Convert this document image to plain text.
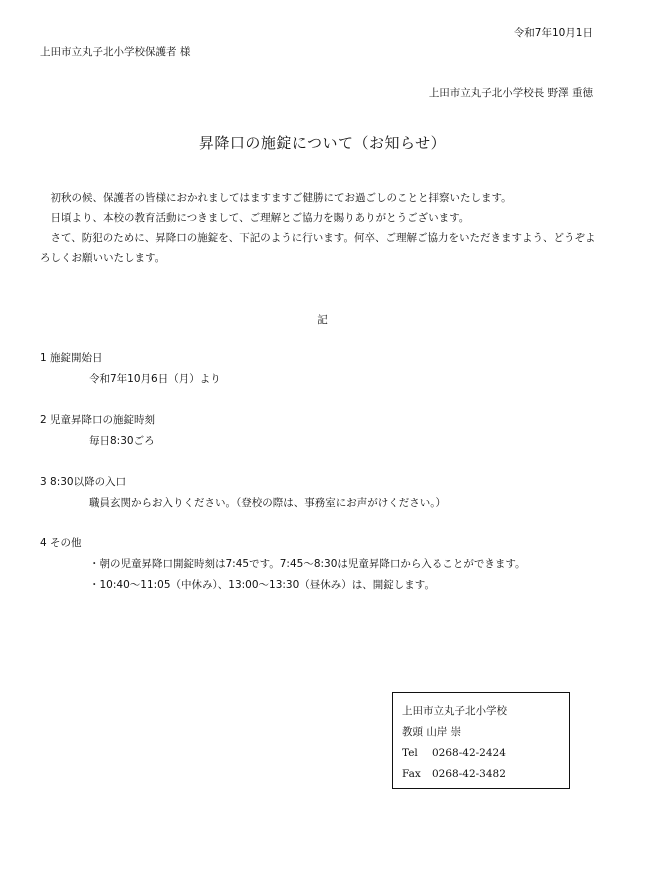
令和7年10月1日
上田市立丸子北小学校保護者 様
上田市立丸子北小学校長 野澤 重徳
昇降口の施錠について（お知らせ）

初秋の候、保護者の皆様におかれましてはますますご健勝にてお過ごしのことと拝察いたします。

日頃より、本校の教育活動につきまして、ご理解とご協力を賜りありがとうございます。

さて、防犯のために、昇降口の施錠を、下記のように行います。何卒、ご理解ご協力をいただきますよう、どうぞよろしくお願いいたします。

記
1 施錠開始日
令和7年10月6日（月）より
2 児童昇降口の施錠時刻
毎日8:30ごろ
3 8:30以降の入口
職員玄関からお入りください。（登校の際は、事務室にお声がけください。）
4 その他
・朝の児童昇降口開錠時刻は7:45です。7:45～8:30は児童昇降口から入ることができます。
・10:40～11:05（中休み）、13:00～13:30（昼休み）は、開錠します。
上田市立丸子北小学校
教頭 山岸 崇
Tel 0268-42-2424
Fax 0268-42-3482
